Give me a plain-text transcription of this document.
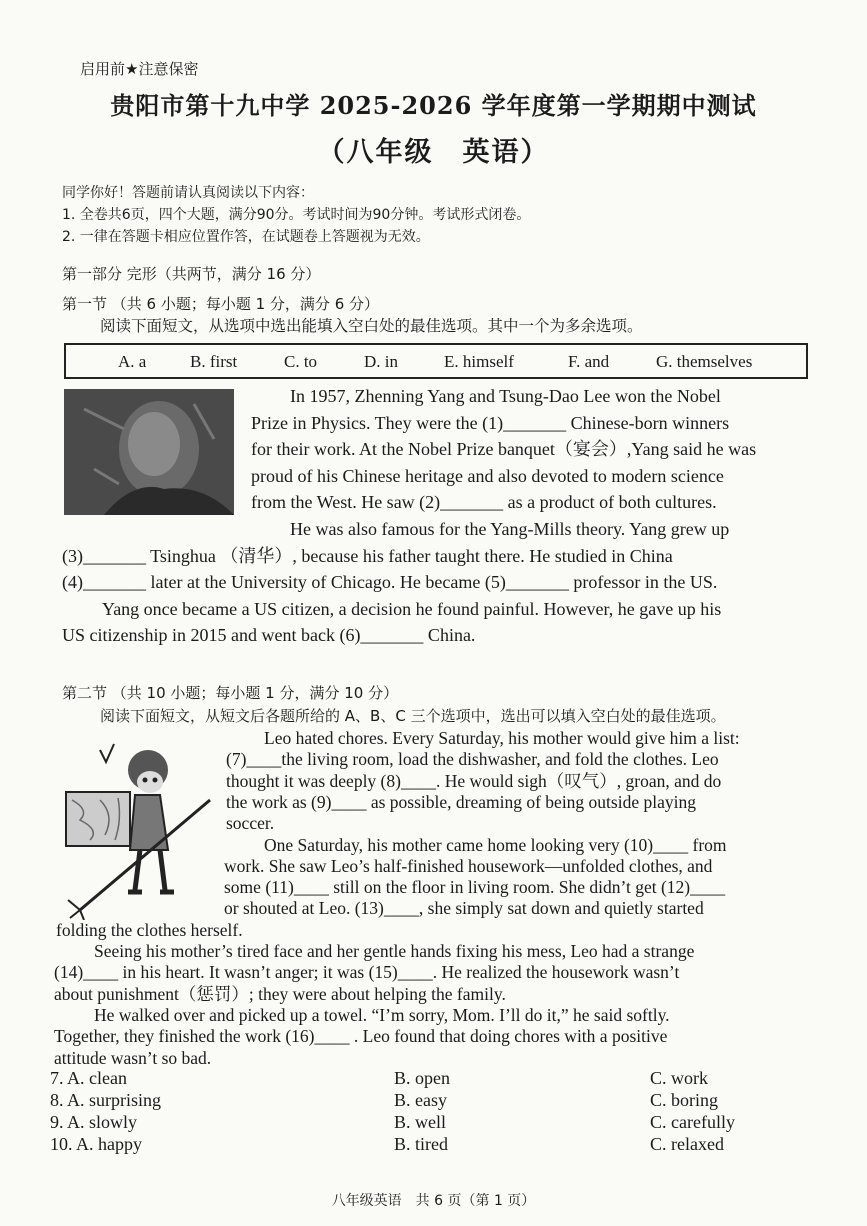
启用前★注意保密
贵阳市第十九中学 2025-2026 学年度第一学期期中测试
（八年级　英语）
同学你好！答题前请认真阅读以下内容：
1. 全卷共6页，四个大题，满分90分。考试时间为90分钟。考试形式闭卷。
2. 一律在答题卡相应位置作答，在试题卷上答题视为无效。
第一部分 完形（共两节，满分 16 分）
第一节 （共 6 小题；每小题 1 分，满分 6 分）
阅读下面短文，从选项中选出能填入空白处的最佳选项。其中一个为多余选项。
A. a	B. first	C. to	D. in	E. himself	F. and	G. themselves
In 1957, Zhenning Yang and Tsung-Dao Lee won the Nobel
Prize in Physics. They were the (1)_______ Chinese-born winners
for their work. At the Nobel Prize banquet（宴会）,Yang said he was
proud of his Chinese heritage and also devoted to modern science
from the West. He saw (2)_______ as a product of both cultures.
He was also famous for the Yang-Mills theory. Yang grew up
(3)_______ Tsinghua （清华）, because his father taught there. He studied in China
(4)_______ later at the University of Chicago. He became (5)_______ professor in the US.
Yang once became a US citizen, a decision he found painful. However, he gave up his
US citizenship in 2015 and went back (6)_______ China.
第二节 （共 10 小题；每小题 1 分，满分 10 分）
阅读下面短文，从短文后各题所给的 A、B、C 三个选项中，选出可以填入空白处的最佳选项。
Leo hated chores. Every Saturday, his mother would give him a list:
(7)____the living room, load the dishwasher, and fold the clothes. Leo
thought it was deeply (8)____. He would sigh（叹气）, groan, and do
the work as (9)____ as possible, dreaming of being outside playing
soccer.
One Saturday, his mother came home looking very (10)____ from
work. She saw Leo’s half-finished housework—unfolded clothes, and
some (11)____ still on the floor in living room. She didn’t get (12)____
or shouted at Leo. (13)____, she simply sat down and quietly started
folding the clothes herself.
Seeing his mother’s tired face and her gentle hands fixing his mess, Leo had a strange
(14)____ in his heart. It wasn’t anger; it was (15)____. He realized the housework wasn’t
about punishment（惩罚）; they were about helping the family.
He walked over and picked up a towel. “I’m sorry, Mom. I’ll do it,” he said softly.
Together, they finished the work (16)____ . Leo found that doing chores with a positive
attitude wasn’t so bad.
7. A. clean	B. open	C. work
8. A. surprising	B. easy	C. boring
9. A. slowly	B. well	C. carefully
10. A. happy	B. tired	C. relaxed
八年级英语　共 6 页（第 1 页）
